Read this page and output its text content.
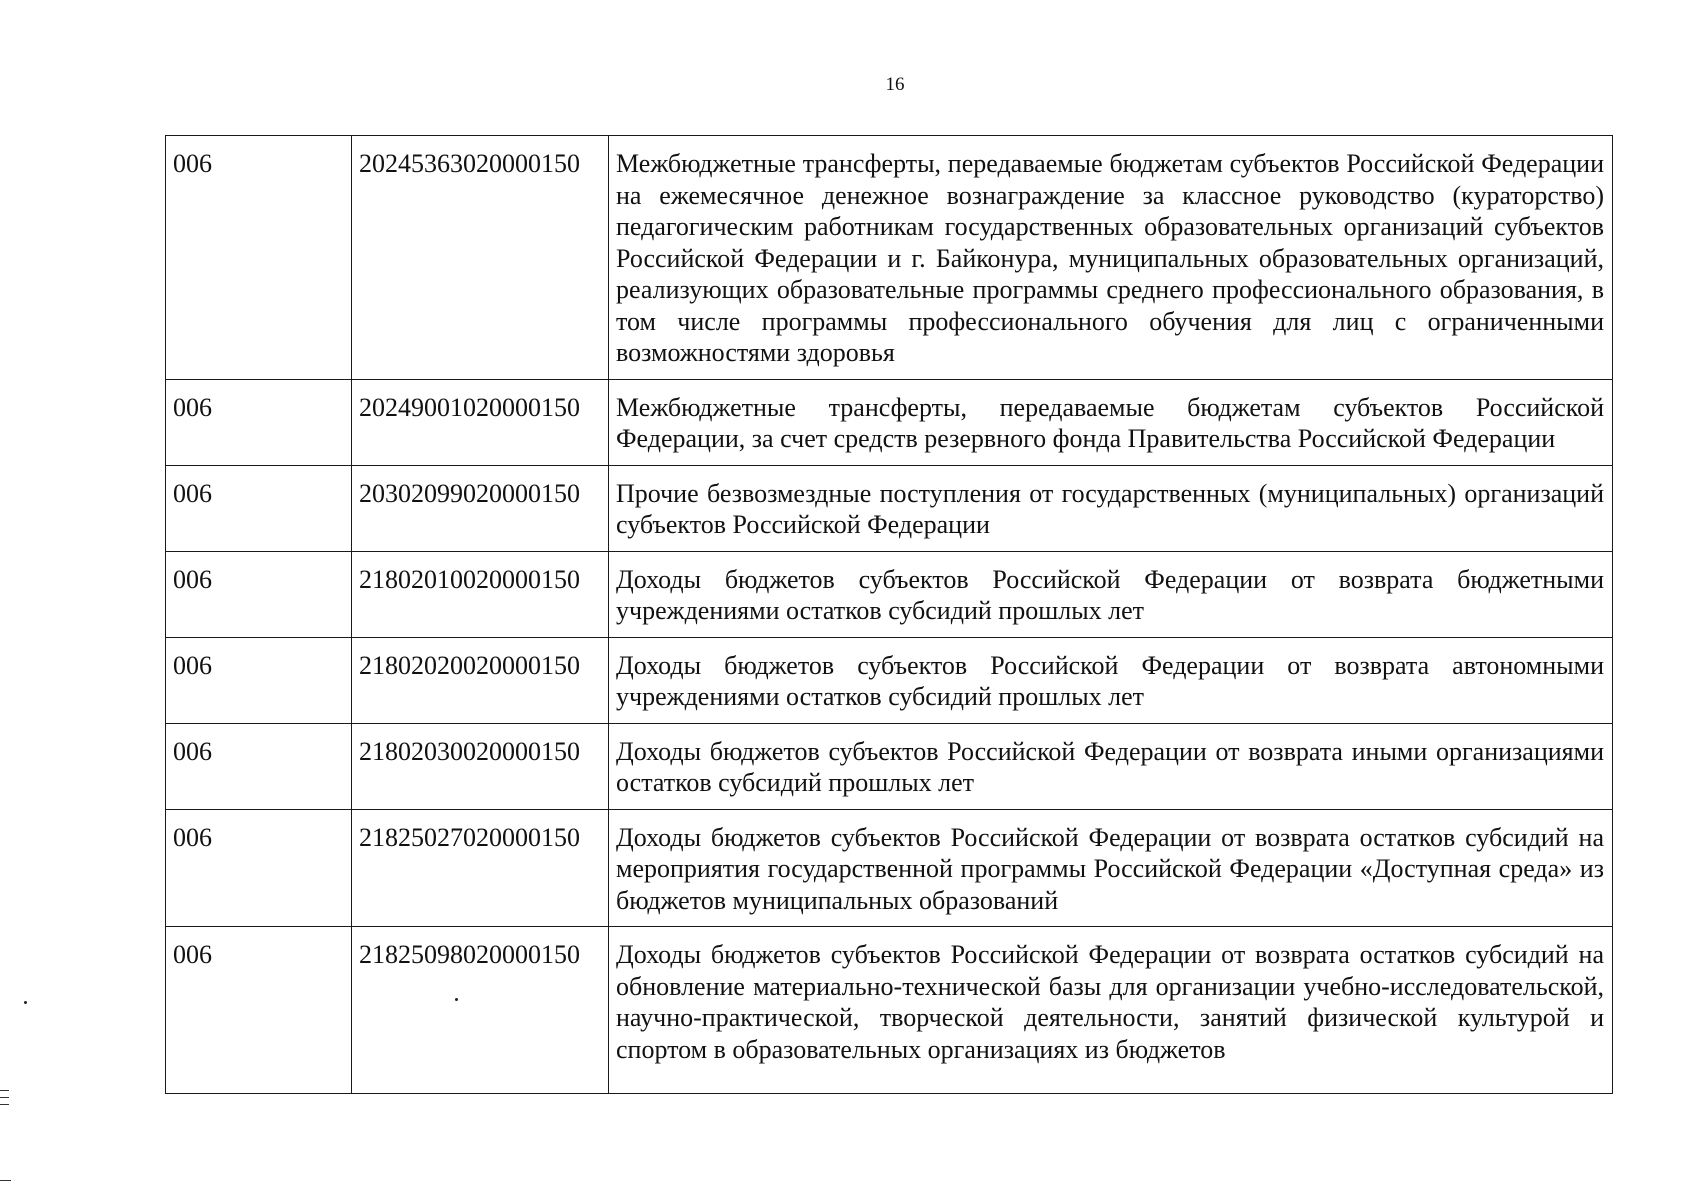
16
006	20245363020000150	Межбюджетные трансферты, передаваемые бюджетам субъектов Российской Федерации на ежемесячное денежное вознаграждение за классное руководство (кураторство) педагогическим работникам государственных образовательных организаций субъектов Российской Федерации и г. Байконура, муниципальных образовательных организаций, реализующих образовательные программы среднего профессионального образования, в том числе программы профессионального обучения для лиц с ограниченными возможностями здоровья
006	20249001020000150	Межбюджетные трансферты, передаваемые бюджетам субъектов Российской Федерации, за счет средств резервного фонда Правительства Российской Федерации
006	20302099020000150	Прочие безвозмездные поступления от государственных (муниципальных) организаций субъектов Российской Федерации
006	21802010020000150	Доходы бюджетов субъектов Российской Федерации от возврата бюджетными учреждениями остатков субсидий прошлых лет
006	21802020020000150	Доходы бюджетов субъектов Российской Федерации от возврата автономными учреждениями остатков субсидий прошлых лет
006	21802030020000150	Доходы бюджетов субъектов Российской Федерации от возврата иными организациями остатков субсидий прошлых лет
006	21825027020000150	Доходы бюджетов субъектов Российской Федерации от возврата остатков субсидий на мероприятия государственной программы Российской Федерации «Доступная среда» из бюджетов муниципальных образований
006	21825098020000150	Доходы бюджетов субъектов Российской Федерации от возврата остатков субсидий на обновление материально-технической базы для организации учебно-исследовательской, научно-практической, творческой деятельности, занятий физической культурой и спортом в образовательных организациях из бюджетов
